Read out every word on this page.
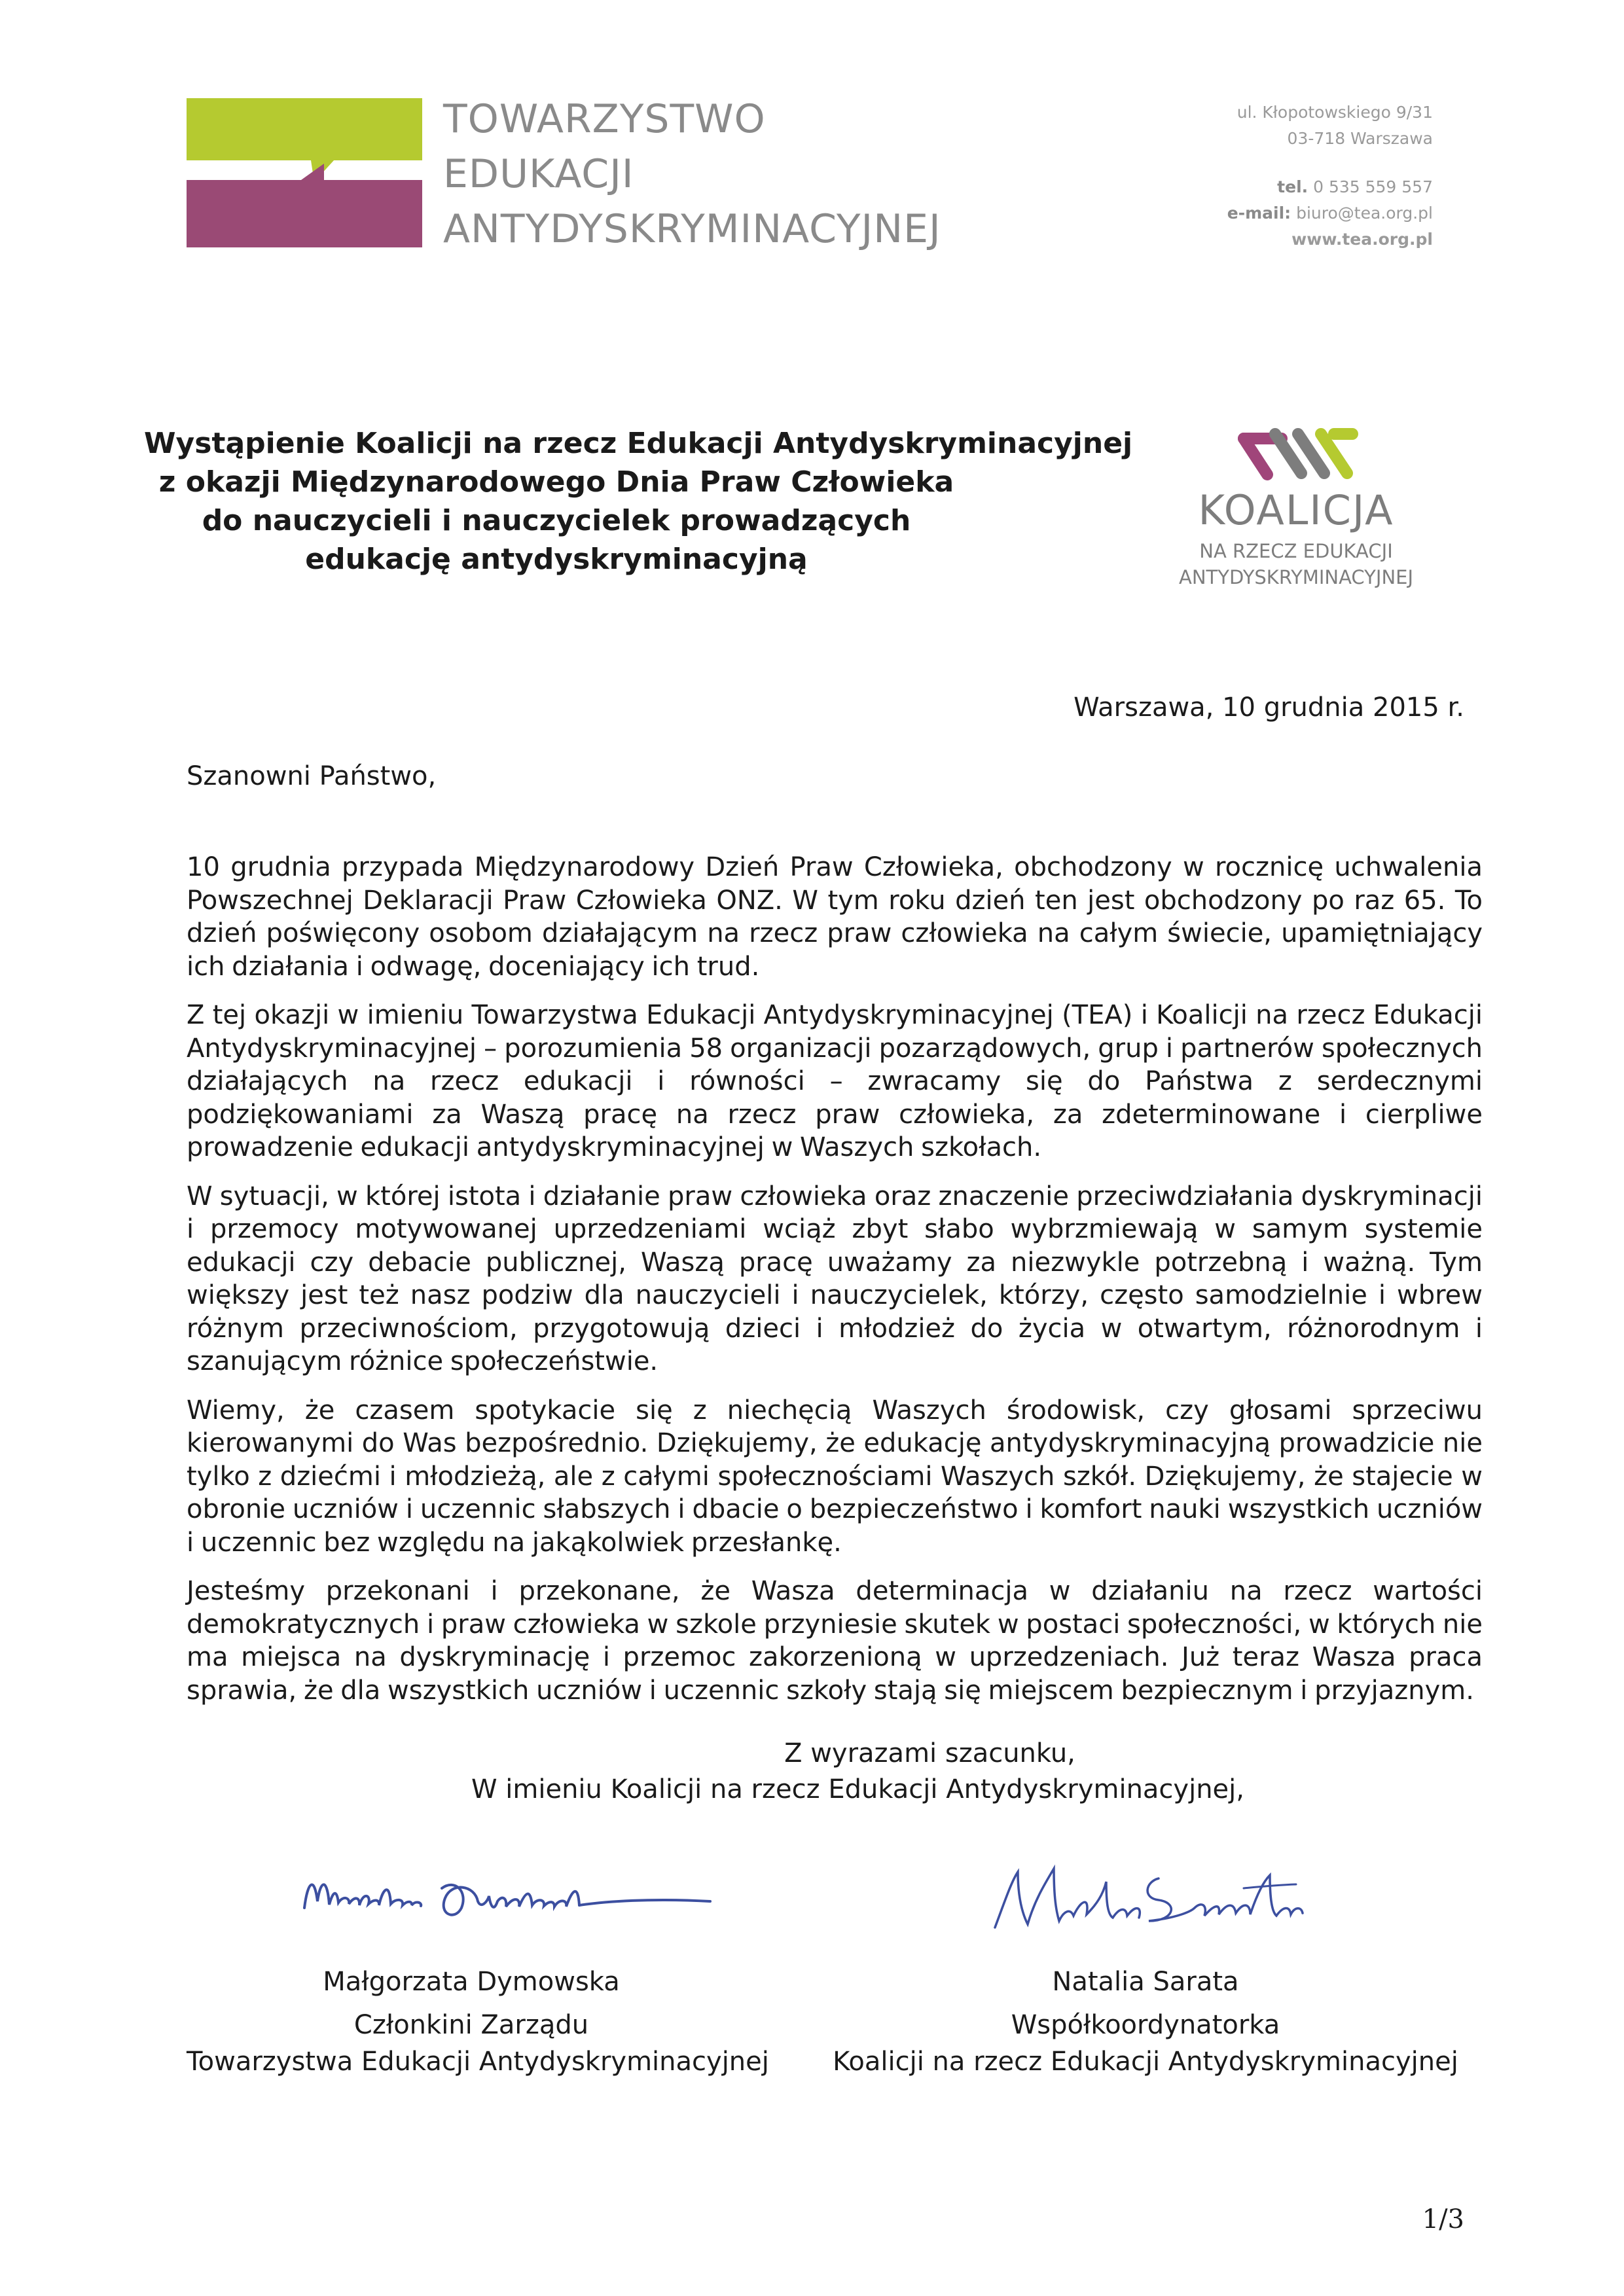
TOWARZYSTWO
EDUKACJI
ANTYDYSKRYMINACYJNEJ
ul. Kłopotowskiego 9/31
03-718 Warszawa
tel. 0 535 559 557
e-mail: biuro@tea.org.pl
www.tea.org.pl
Wystąpienie Koalicji na rzecz Edukacji Antydyskryminacyjnej
z okazji Międzynarodowego Dnia Praw Człowieka
do nauczycieli i nauczycielek prowadzących
edukację antydyskryminacyjną
KOALICJA
NA RZECZ EDUKACJI
ANTYDYSKRYMINACYJNEJ
Warszawa, 10 grudnia 2015 r.
Szanowni Państwo,

10 grudnia przypada Międzynarodowy Dzień Praw Człowieka, obchodzony w rocznicę uchwalenia Powszechnej Deklaracji Praw Człowieka ONZ. W tym roku dzień ten jest obchodzony po raz 65. To dzień poświęcony osobom działającym na rzecz praw człowieka na całym świecie, upamiętniający ich działania i odwagę, doceniający ich trud.

Z tej okazji w imieniu Towarzystwa Edukacji Antydyskryminacyjnej (TEA) i Koalicji na rzecz Edukacji Antydyskryminacyjnej – porozumienia 58 organizacji pozarządowych, grup i partnerów społecznych działających na rzecz edukacji i równości – zwracamy się do Państwa z serdecznymi podziękowaniami za Waszą pracę na rzecz praw człowieka, za zdeterminowane i cierpliwe prowadzenie edukacji antydyskryminacyjnej w Waszych szkołach.

W sytuacji, w której istota i działanie praw człowieka oraz znaczenie przeciwdziałania dyskryminacji i przemocy motywowanej uprzedzeniami wciąż zbyt słabo wybrzmiewają w samym systemie edukacji czy debacie publicznej, Waszą pracę uważamy za niezwykle potrzebną i ważną. Tym większy jest też nasz podziw dla nauczycieli i nauczycielek, którzy, często samodzielnie i wbrew różnym przeciwnościom, przygotowują dzieci i młodzież do życia w otwartym, różnorodnym i szanującym różnice społeczeństwie.

Wiemy, że czasem spotykacie się z niechęcią Waszych środowisk, czy głosami sprzeciwu kierowanymi do Was bezpośrednio. Dziękujemy, że edukację antydyskryminacyjną prowadzicie nie tylko z dziećmi i młodzieżą, ale z całymi społecznościami Waszych szkół. Dziękujemy, że stajecie w obronie uczniów i uczennic słabszych i dbacie o bezpieczeństwo i komfort nauki wszystkich uczniów i uczennic bez względu na jakąkolwiek przesłankę.

Jesteśmy przekonani i przekonane, że Wasza determinacja w działaniu na rzecz wartości demokratycznych i praw człowieka w szkole przyniesie skutek w postaci społeczności, w których nie ma miejsca na dyskryminację i przemoc zakorzenioną w uprzedzeniach. Już teraz Wasza praca sprawia, że dla wszystkich uczniów i uczennic szkoły stają się miejscem bezpiecznym i przyjaznym.

Z wyrazami szacunku,
W imieniu Koalicji na rzecz Edukacji Antydyskryminacyjnej,
Małgorzata Dymowska
Członkini Zarządu
Towarzystwa Edukacji Antydyskryminacyjnej
Natalia Sarata
Współkoordynatorka
Koalicji na rzecz Edukacji Antydyskryminacyjnej
1/3
